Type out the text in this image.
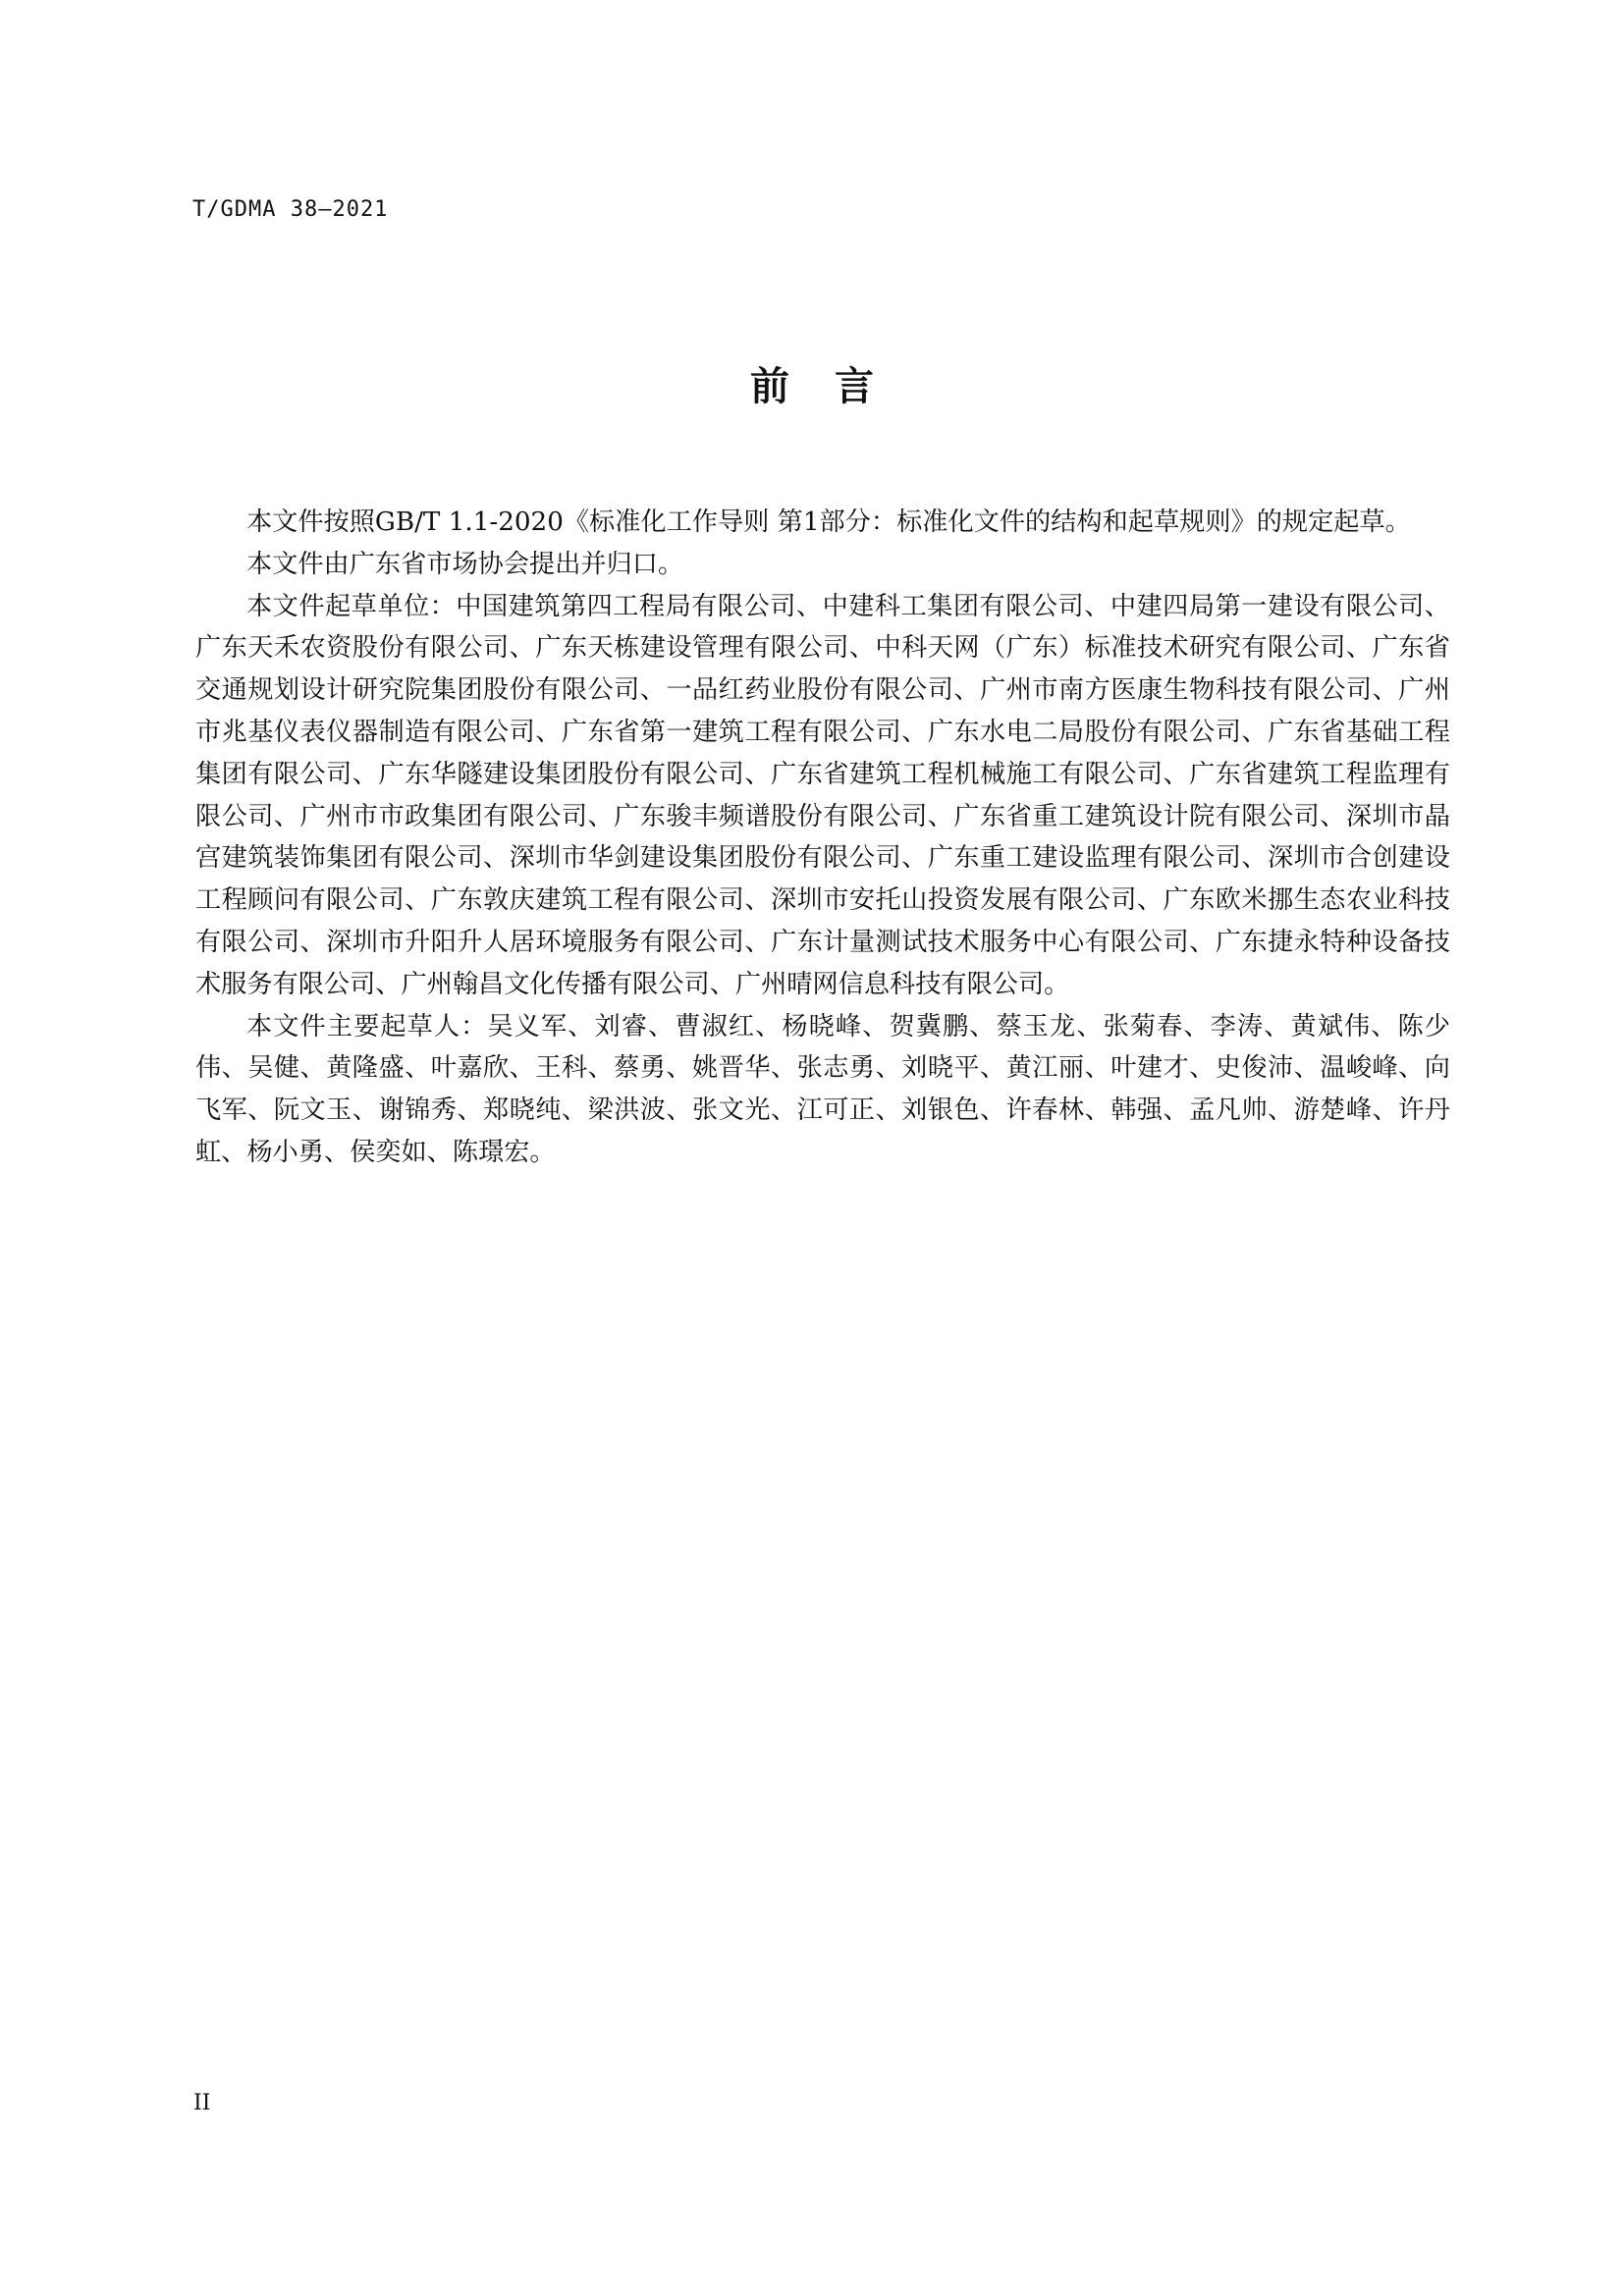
T/GDMA 38—2021
前言

本文件按照GB/T 1.1-2020《标准化工作导则 第1部分：标准化文件的结构和起草规则》的规定起草。

本文件由广东省市场协会提出并归口。

本文件起草单位：中国建筑第四工程局有限公司、中建科工集团有限公司、中建四局第一建设有限公司、广东天禾农资股份有限公司、广东天栋建设管理有限公司、中科天网（广东）标准技术研究有限公司、广东省交通规划设计研究院集团股份有限公司、一品红药业股份有限公司、广州市南方医康生物科技有限公司、广州市兆基仪表仪器制造有限公司、广东省第一建筑工程有限公司、广东水电二局股份有限公司、广东省基础工程集团有限公司、广东华隧建设集团股份有限公司、广东省建筑工程机械施工有限公司、广东省建筑工程监理有限公司、广州市市政集团有限公司、广东骏丰频谱股份有限公司、广东省重工建筑设计院有限公司、深圳市晶宫建筑装饰集团有限公司、深圳市华剑建设集团股份有限公司、广东重工建设监理有限公司、深圳市合创建设工程顾问有限公司、广东敦庆建筑工程有限公司、深圳市安托山投资发展有限公司、广东欧米挪生态农业科技有限公司、深圳市升阳升人居环境服务有限公司、广东计量测试技术服务中心有限公司、广东捷永特种设备技术服务有限公司、广州翰昌文化传播有限公司、广州晴网信息科技有限公司。

本文件主要起草人：吴义军、刘睿、曹淑红、杨晓峰、贺冀鹏、蔡玉龙、张菊春、李涛、黄斌伟、陈少伟、吴健、黄隆盛、叶嘉欣、王科、蔡勇、姚晋华、张志勇、刘晓平、黄江丽、叶建才、史俊沛、温峻峰、向飞军、阮文玉、谢锦秀、郑晓纯、梁洪波、张文光、江可正、刘银色、许春林、韩强、孟凡帅、游楚峰、许丹虹、杨小勇、侯奕如、陈璟宏。

II
